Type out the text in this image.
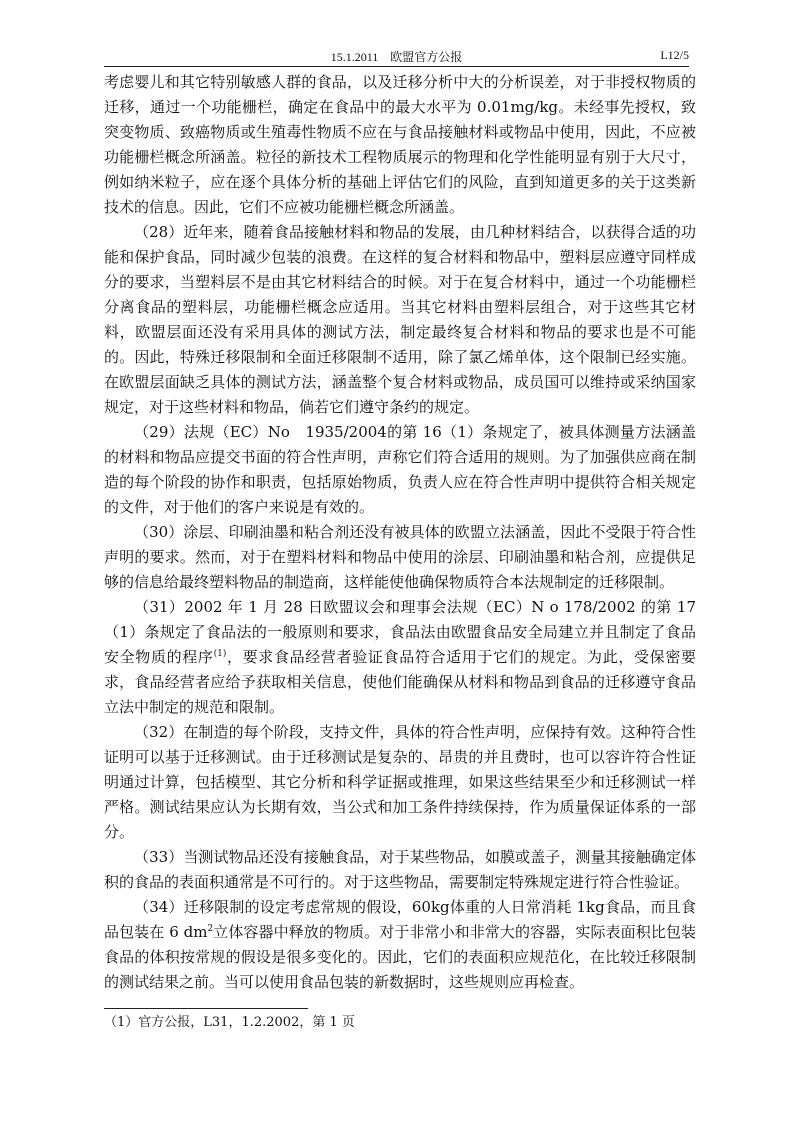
15.1.2011　欧盟官方公报	L12/5

考虑婴儿和其它特别敏感人群的食品，以及迁移分析中大的分析误差，对于非授权物质的迁移，通过一个功能栅栏，确定在食品中的最大水平为 0.01mg/kg。未经事先授权，致突变物质、致癌物质或生殖毒性物质不应在与食品接触材料或物品中使用，因此，不应被功能栅栏概念所涵盖。粒径的新技术工程物质展示的物理和化学性能明显有别于大尺寸，例如纳米粒子，应在逐个具体分析的基础上评估它们的风险，直到知道更多的关于这类新技术的信息。因此，它们不应被功能栅栏概念所涵盖。

（28）近年来，随着食品接触材料和物品的发展，由几种材料结合，以获得合适的功能和保护食品，同时减少包装的浪费。在这样的复合材料和物品中，塑料层应遵守同样成分的要求，当塑料层不是由其它材料结合的时候。对于在复合材料中，通过一个功能栅栏分离食品的塑料层，功能栅栏概念应适用。当其它材料由塑料层组合，对于这些其它材料，欧盟层面还没有采用具体的测试方法，制定最终复合材料和物品的要求也是不可能的。因此，特殊迁移限制和全面迁移限制不适用，除了氯乙烯单体，这个限制已经实施。在欧盟层面缺乏具体的测试方法，涵盖整个复合材料或物品，成员国可以维持或采纳国家规定，对于这些材料和物品，倘若它们遵守条约的规定。

（29）法规（EC）No　1935/2004的第 16（1）条规定了，被具体测量方法涵盖的材料和物品应提交书面的符合性声明，声称它们符合适用的规则。为了加强供应商在制造的每个阶段的协作和职责，包括原始物质，负责人应在符合性声明中提供符合相关规定的文件，对于他们的客户来说是有效的。

（30）涂层、印刷油墨和粘合剂还没有被具体的欧盟立法涵盖，因此不受限于符合性声明的要求。然而，对于在塑料材料和物品中使用的涂层、印刷油墨和粘合剂，应提供足够的信息给最终塑料物品的制造商，这样能使他确保物质符合本法规制定的迁移限制。

（31）2002 年 1 月 28 日欧盟议会和理事会法规（EC）N o 178/2002 的第 17（1）条规定了食品法的一般原则和要求，食品法由欧盟食品安全局建立并且制定了食品安全物质的程序$^{(1)}$，要求食品经营者验证食品符合适用于它们的规定。为此，受保密要求，食品经营者应给予获取相关信息，使他们能确保从材料和物品到食品的迁移遵守食品立法中制定的规范和限制。

（32）在制造的每个阶段，支持文件，具体的符合性声明，应保持有效。这种符合性证明可以基于迁移测试。由于迁移测试是复杂的、昂贵的并且费时，也可以容许符合性证明通过计算，包括模型、其它分析和科学证据或推理，如果这些结果至少和迁移测试一样严格。测试结果应认为长期有效，当公式和加工条件持续保持，作为质量保证体系的一部分。

（33）当测试物品还没有接触食品，对于某些物品，如膜或盖子，测量其接触确定体积的食品的表面积通常是不可行的。对于这些物品，需要制定特殊规定进行符合性验证。

（34）迁移限制的设定考虑常规的假设，60kg体重的人日常消耗 1kg食品，而且食品包装在 6 $dm^2$立体容器中释放的物质。对于非常小和非常大的容器，实际表面积比包装食品的体积按常规的假设是很多变化的。因此，它们的表面积应规范化，在比较迁移限制的测试结果之前。当可以使用食品包装的新数据时，这些规则应再检查。

（1）官方公报，L31，1.2.2002，第 1 页
